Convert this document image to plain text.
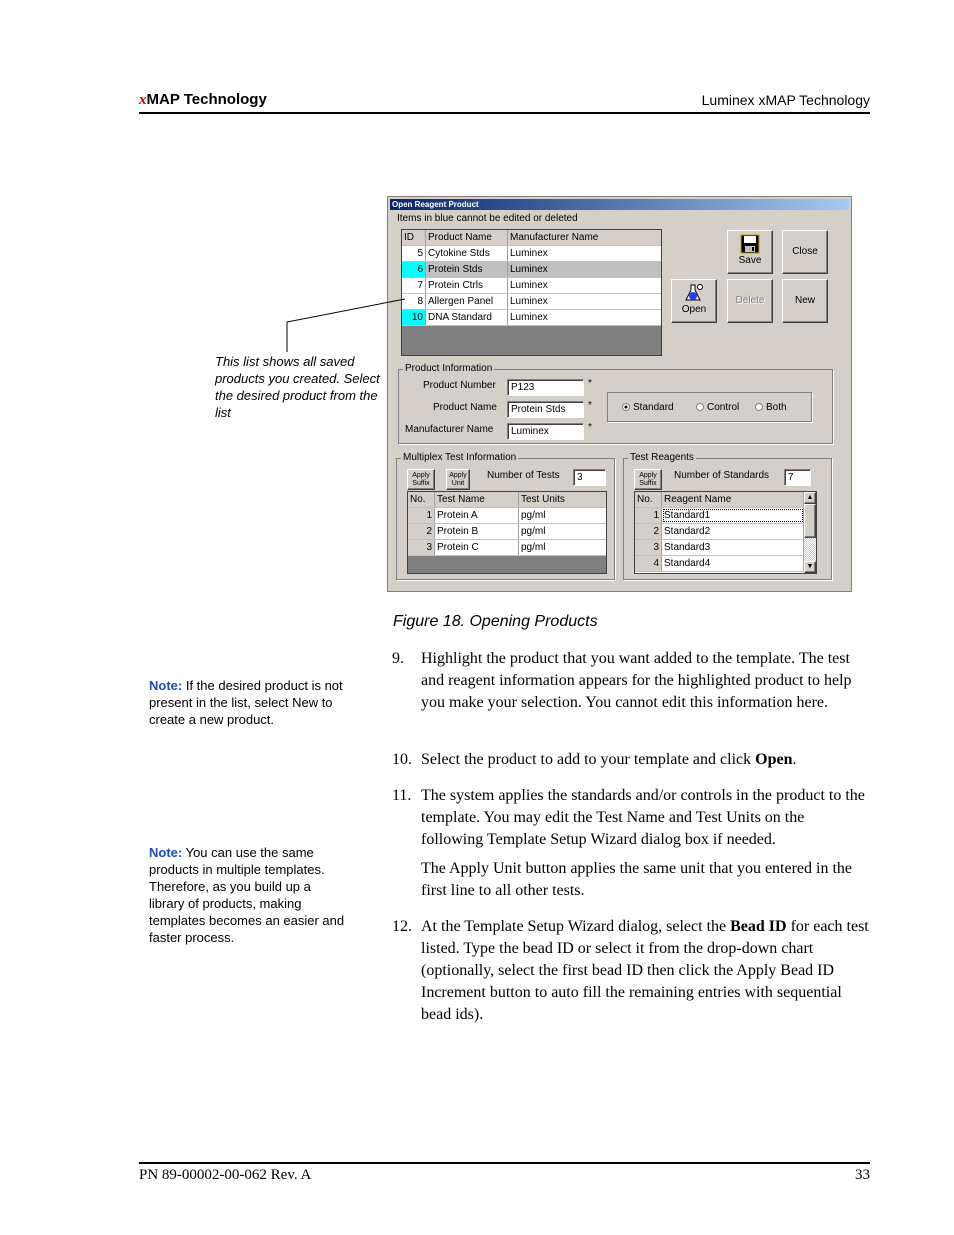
xMAP Technology	Luminex xMAP Technology
Open Reagent Product
Items in blue cannot be edited or deleted
ID	Product Name	Manufacturer Name
5 Cytokine Stds	Luminex
6 Protein Stds	Luminex
7 Protein Ctrls	Luminex
8 Allergen Panel	Luminex
10 DNA Standard	Luminex
Save
Close
Open
Delete	New
Product Information
Product Number	P123	*
Product Name	Protein Stds	*
Manufacturer Name	Luminex	*
Standard	Control	Both
Multiplex Test Information
Apply
Suffix
Apply
Unit
Number of Tests	3
No.	Test Name	Test Units
1 Protein A	pg/ml
2 Protein B	pg/ml
3 Protein C	pg/ml
Test Reagents
Apply
Suffix
Number of Standards	7
No.	Reagent Name
1 Standard1
2 Standard2
3 Standard3
4 Standard4
▲
▼
This list shows all saved products you created. Select the desired product from the list
Figure 18. Opening Products
Note: If the desired product is not present in the list, select New to create a new product.
Note: You can use the same products in multiple templates. Therefore, as you build up a library of products, making templates becomes an easier and faster process.
9. Highlight the product that you want added to the template. The test and reagent information appears for the highlighted product to help you make your selection. You cannot edit this information here.
10. Select the product to add to your template and click Open.
11. The system applies the standards and/or controls in the product to the template. You may edit the Test Name and Test Units on the following Template Setup Wizard dialog box if needed.
The Apply Unit button applies the same unit that you entered in the first line to all other tests.
12. At the Template Setup Wizard dialog, select the Bead ID for each test listed. Type the bead ID or select it from the drop-down chart (optionally, select the first bead ID then click the Apply Bead ID Increment button to auto fill the remaining entries with sequential bead ids).
PN 89-00002-00-062 Rev. A	33
